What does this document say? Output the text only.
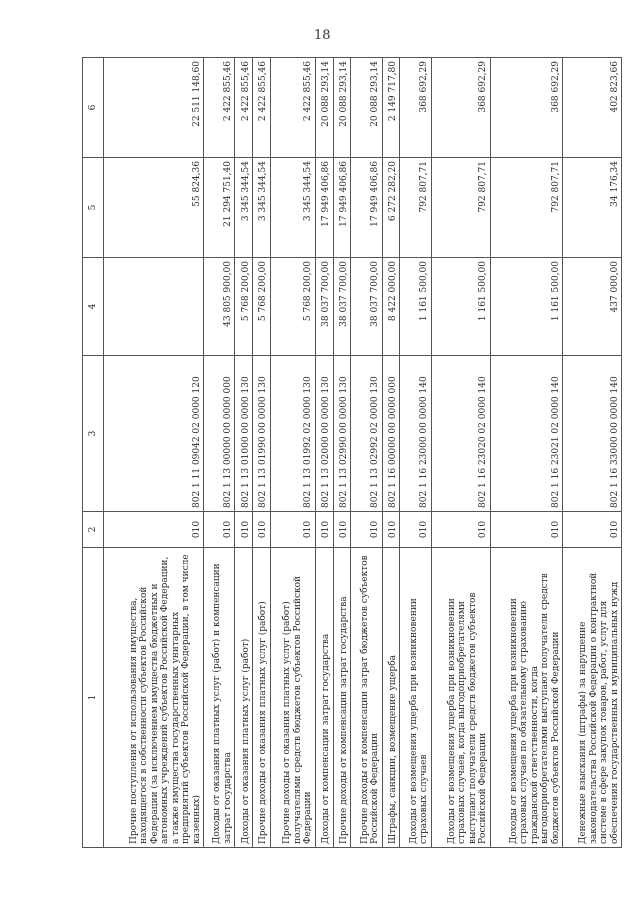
18
1	2	3	4	5	6
Прочие поступления от использования имущества, находящегося в собственности субъектов Российской Федерации (за исключением имущества бюджетных и автономных учреждений субъектов Российской Федерации, а также имущества государственных унитарных предприятий субъектов Российской Федерации, в том числе казенных)	010	802 1 11 09042 02 0000 120		55 824,36	22 511 148,60
Доходы от оказания платных услуг (работ) и компенсации затрат государства	010	802 1 13 00000 00 0000 000	43 805 900,00	21 294 751,40	2 422 855,46
Доходы от оказания платных услуг (работ)	010	802 1 13 01000 00 0000 130	5 768 200,00	3 345 344,54	2 422 855,46
Прочие доходы от оказания платных услуг (работ)	010	802 1 13 01990 00 0000 130	5 768 200,00	3 345 344,54	2 422 855,46
Прочие доходы от оказания платных услуг (работ) получателями средств бюджетов субъектов Российской Федерации	010	802 1 13 01992 02 0000 130	5 768 200,00	3 345 344,54	2 422 855,46
Доходы от компенсации затрат государства	010	802 1 13 02000 00 0000 130	38 037 700,00	17 949 406,86	20 088 293,14
Прочие доходы от компенсации затрат государства	010	802 1 13 02990 00 0000 130	38 037 700,00	17 949 406,86	20 088 293,14
Прочие доходы от компенсации затрат бюджетов субъектов Российской Федерации	010	802 1 13 02992 02 0000 130	38 037 700,00	17 949 406,86	20 088 293,14
Штрафы, санкции, возмещение ущерба	010	802 1 16 00000 00 0000 000	8 422 000,00	6 272 282,20	2 149 717,80
Доходы от возмещения ущерба при возникновении страховых случаев	010	802 1 16 23000 00 0000 140	1 161 500,00	792 807,71	368 692,29
Доходы от возмещения ущерба при возникновении страховых случаев, когда выгодоприобретателями выступают получатели средств бюджетов субъектов Российской Федерации	010	802 1 16 23020 02 0000 140	1 161 500,00	792 807,71	368 692,29
Доходы от возмещения ущерба при возникновении страховых случаев по обязательному страхованию гражданской ответственности, когда выгодоприобретателями выступают получатели средств бюджетов субъектов Российской Федерации	010	802 1 16 23021 02 0000 140	1 161 500,00	792 807,71	368 692,29
Денежные взыскания (штрафы) за нарушение законодательства Российской Федерации о контрактной системе в сфере закупок товаров, работ, услуг для обеспечения государственных и муниципальных нужд	010	802 1 16 33000 00 0000 140	437 000,00	34 176,34	402 823,66
